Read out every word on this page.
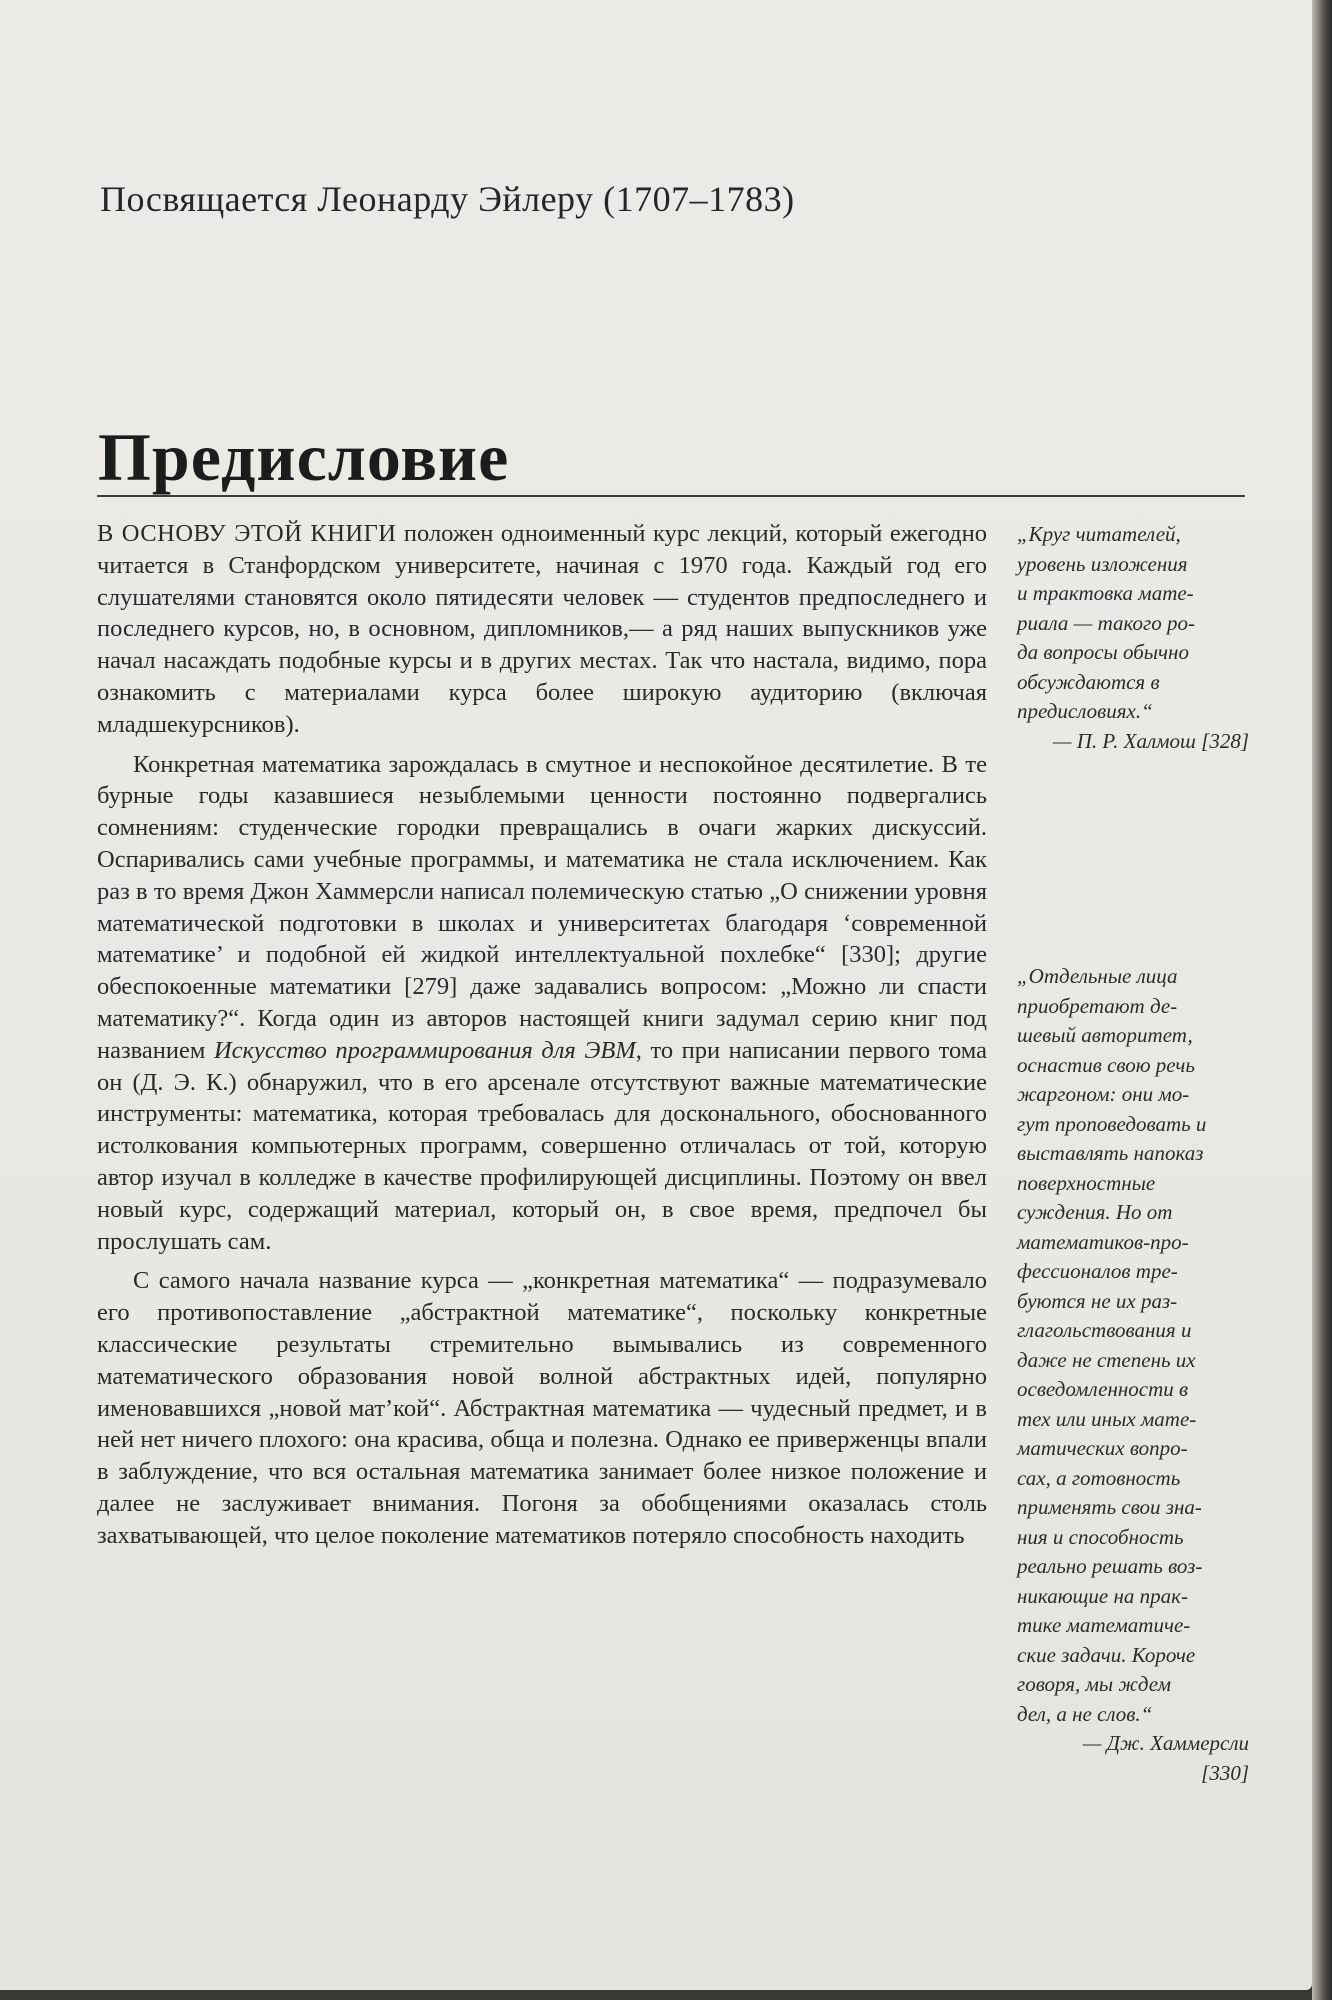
Посвящается Леонарду Эйлеру (1707–1783)
Предисловие

В ОСНОВУ ЭТОЙ КНИГИ положен одноименный курс лекций, который ежегодно читается в Станфордском университете, начиная с 1970 года. Каждый год его слушателями становятся около пятидесяти человек — студентов предпоследнего и последнего курсов, но, в основном, дипломников,— а ряд наших выпускников уже начал насаждать подобные курсы и в других местах. Так что настала, видимо, пора ознакомить с материалами курса более широкую аудиторию (включая младшекурсников).

Конкретная математика зарождалась в смутное и неспокойное десятилетие. В те бурные годы казавшиеся незыблемыми ценности постоянно подвергались сомнениям: студенческие городки превращались в очаги жарких дискуссий. Оспаривались сами учебные программы, и математика не стала исключением. Как раз в то время Джон Хаммерсли написал полемическую статью „О снижении уровня математической подготовки в школах и университетах благодаря ‘современной математике’ и подобной ей жидкой интеллектуальной похлебке“ [330]; другие обеспокоенные математики [279] даже задавались вопросом: „Можно ли спасти математику?“. Когда один из авторов настоящей книги задумал серию книг под названием Искусство программирования для ЭВМ, то при написании первого тома он (Д. Э. К.) обнаружил, что в его арсенале отсутствуют важные математические инструменты: математика, которая требовалась для досконального, обоснованного истолкования компьютерных программ, совершенно отличалась от той, которую автор изучал в колледже в качестве профилирующей дисциплины. Поэтому он ввел новый курс, содержащий материал, который он, в свое время, предпочел бы прослушать сам.

С самого начала название курса — „конкретная математика“ — подразумевало его противопоставление „абстрактной математике“, поскольку конкретные классические результаты стремительно вымывались из современного математического образования новой волной абстрактных идей, популярно именовавшихся „новой мат’кой“. Абстрактная математика — чудесный предмет, и в ней нет ничего плохого: она красива, обща и полезна. Однако ее приверженцы впали в заблуждение, что вся остальная математика занимает более низкое положение и далее не заслуживает внимания. Погоня за обобщениями оказалась столь захватывающей, что целое поколение математиков потеряло способность находить

„Круг читателей,
уровень изложения
и трактовка мате-
риала — такого ро-
да вопросы обычно
обсуждаются в
предисловиях.“
— П. Р. Халмош [328]
„Отдельные лица
приобретают де-
шевый авторитет,
оснастив свою речь
жаргоном: они мо-
гут проповедовать и
выставлять напоказ
поверхностные
суждения. Но от
математиков-про-
фессионалов тре-
буются не их раз-
глагольствования и
даже не степень их
осведомленности в
тех или иных мате-
матических вопро-
сах, а готовность
применять свои зна-
ния и способность
реально решать воз-
никающие на прак-
тике математиче-
ские задачи. Короче
говоря, мы ждем
дел, а не слов.“
— Дж. Хаммерсли
[330]
